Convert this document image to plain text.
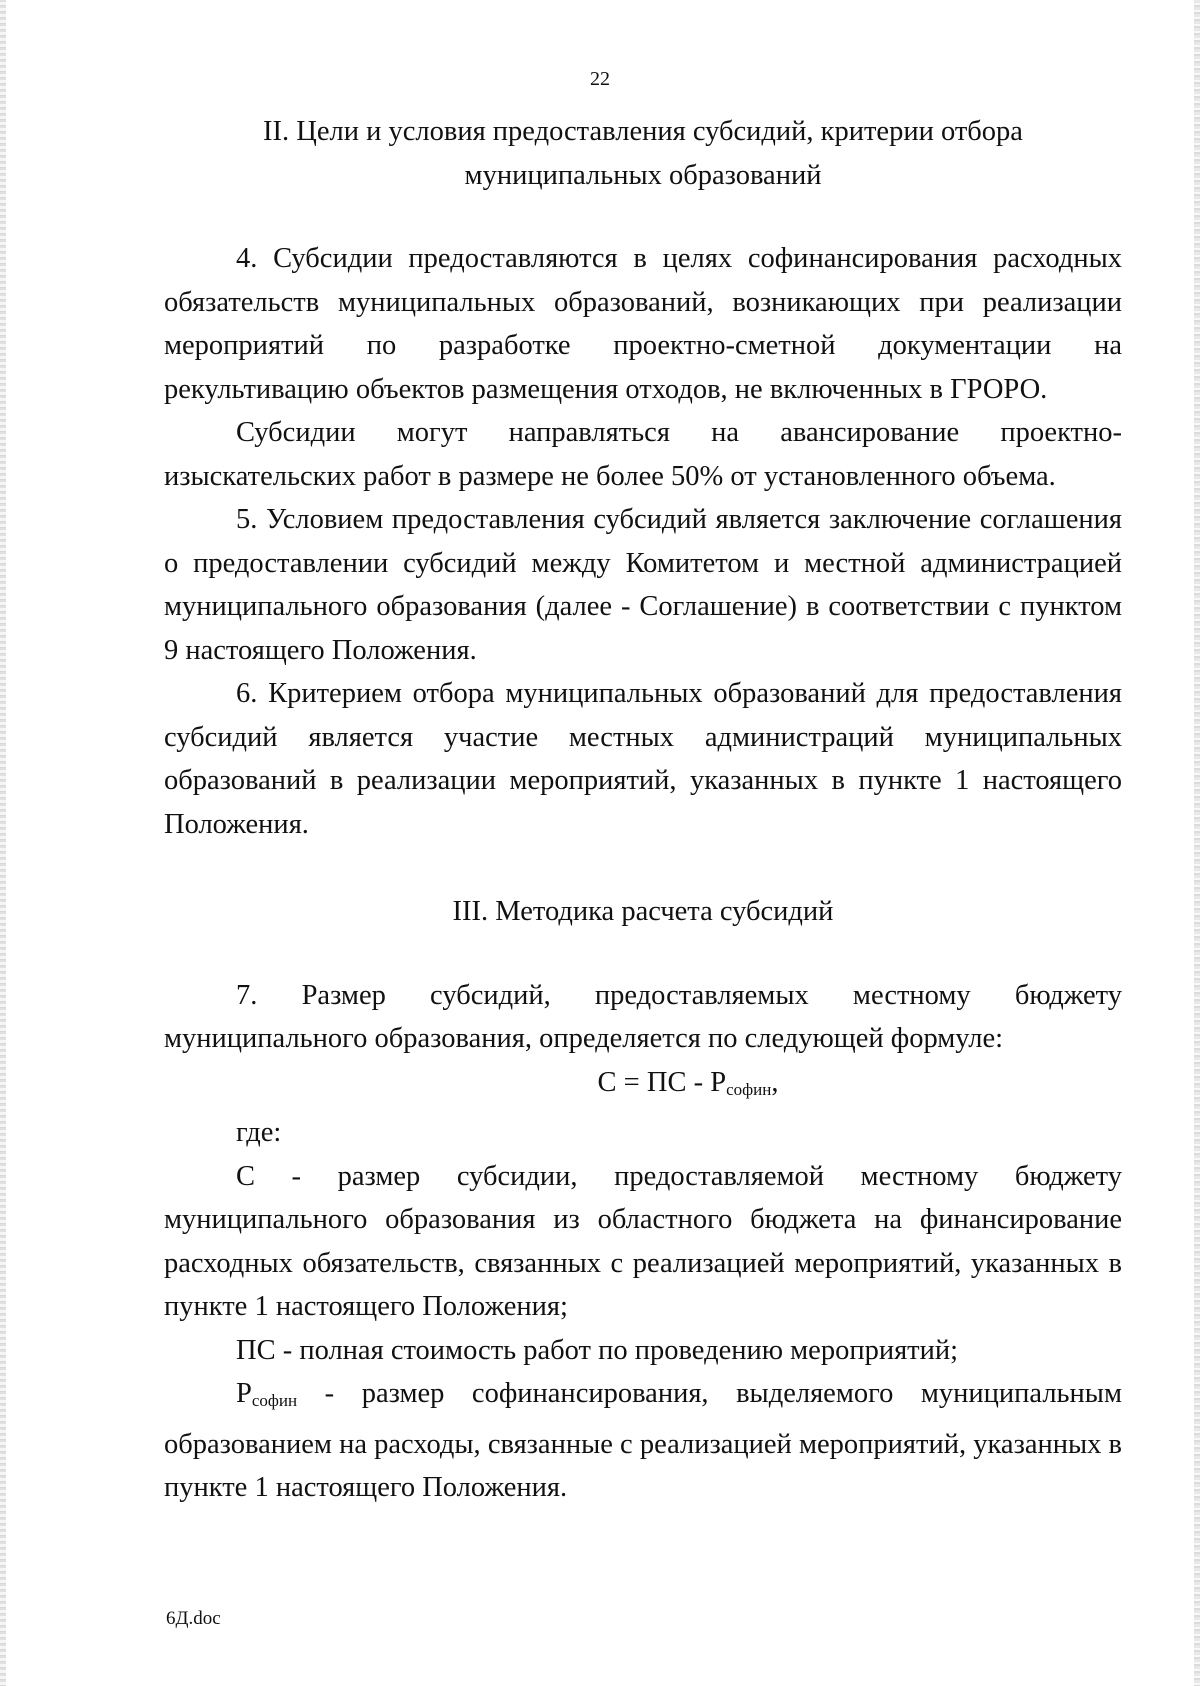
22
II. Цели и условия предоставления субсидий, критерии отбора
муниципальных образований

4. Субсидии предоставляются в целях софинансирования расходных обязательств муниципальных образований, возникающих при реализации мероприятий по разработке проектно-сметной документации на рекультивацию объектов размещения отходов, не включенных в ГРОРО.

Субсидии могут направляться на авансирование проектно-изыскательских работ в размере не более 50% от установленного объема.

5. Условием предоставления субсидий является заключение соглашения о предоставлении субсидий между Комитетом и местной администрацией муниципального образования (далее - Соглашение) в соответствии с пунктом 9 настоящего Положения.

6. Критерием отбора муниципальных образований для предоставления субсидий является участие местных администраций муниципальных образований в реализации мероприятий, указанных в пункте 1 настоящего Положения.

III. Методика расчета субсидий

7. Размер субсидий, предоставляемых местному бюджету муниципального образования, определяется по следующей формуле:

С = ПС - $Р_{софин}$,

где:

С - размер субсидии, предоставляемой местному бюджету муниципального образования из областного бюджета на финансирование расходных обязательств, связанных с реализацией мероприятий, указанных в пункте 1 настоящего Положения;

ПС - полная стоимость работ по проведению мероприятий;

$Р_{софин}$ - размер софинансирования, выделяемого муниципальным образованием на расходы, связанные с реализацией мероприятий, указанных в пункте 1 настоящего Положения.

6Д.doc
